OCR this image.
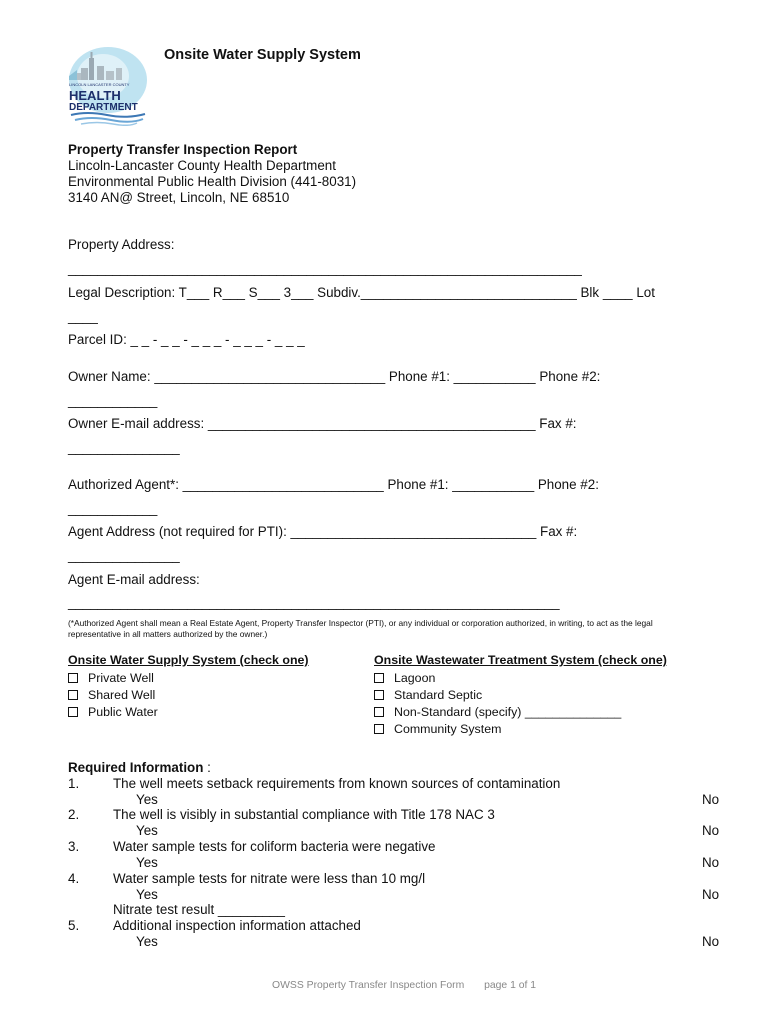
LINCOLN LANCASTER COUNTY
HEALTH
DEPARTMENT
Onsite Water Supply System
Property Transfer Inspection Report
Lincoln-Lancaster County Health Department
Environmental Public Health Division (441-8031)
3140 AN@ Street, Lincoln, NE 68510
Property Address:
_____________________________________________________________________
Legal Description: T___ R___ S___ 3___ Subdiv._____________________________ Blk ____ Lot
____
Parcel ID: _ _ - _ _ - _ _ _ - _ _ _ - _ _ _
Owner Name: _______________________________ Phone #1: ___________ Phone #2:
____________
Owner E-mail address: ____________________________________________ Fax #:
_______________
Authorized Agent*: ___________________________ Phone #1: ___________ Phone #2:
____________
Agent Address (not required for PTI): _________________________________ Fax #:
_______________
Agent E-mail address:
__________________________________________________________________
(*Authorized Agent shall mean a Real Estate Agent, Property Transfer Inspector (PTI), or any individual or corporation authorized, in writing, to act as the legal
representative in all matters authorized by the owner.)
Onsite Water Supply System (check one)
Private Well
Shared Well
Public Water
Onsite Wastewater Treatment System (check one)
Lagoon
Standard Septic
Non-Standard (specify) ______________
Community System
Required Information :
1.	The well meets setback requirements from known sources of contamination
Yes	No
2.	The well is visibly in substantial compliance with Title 178 NAC 3
Yes	No
3.	Water sample tests for coliform bacteria were negative
Yes	No
4.	Water sample tests for nitrate were less than 10 mg/l
Yes	No
Nitrate test result _________
5.	Additional inspection information attached
Yes	No
OWSS Property Transfer Inspection Form page 1 of 1
